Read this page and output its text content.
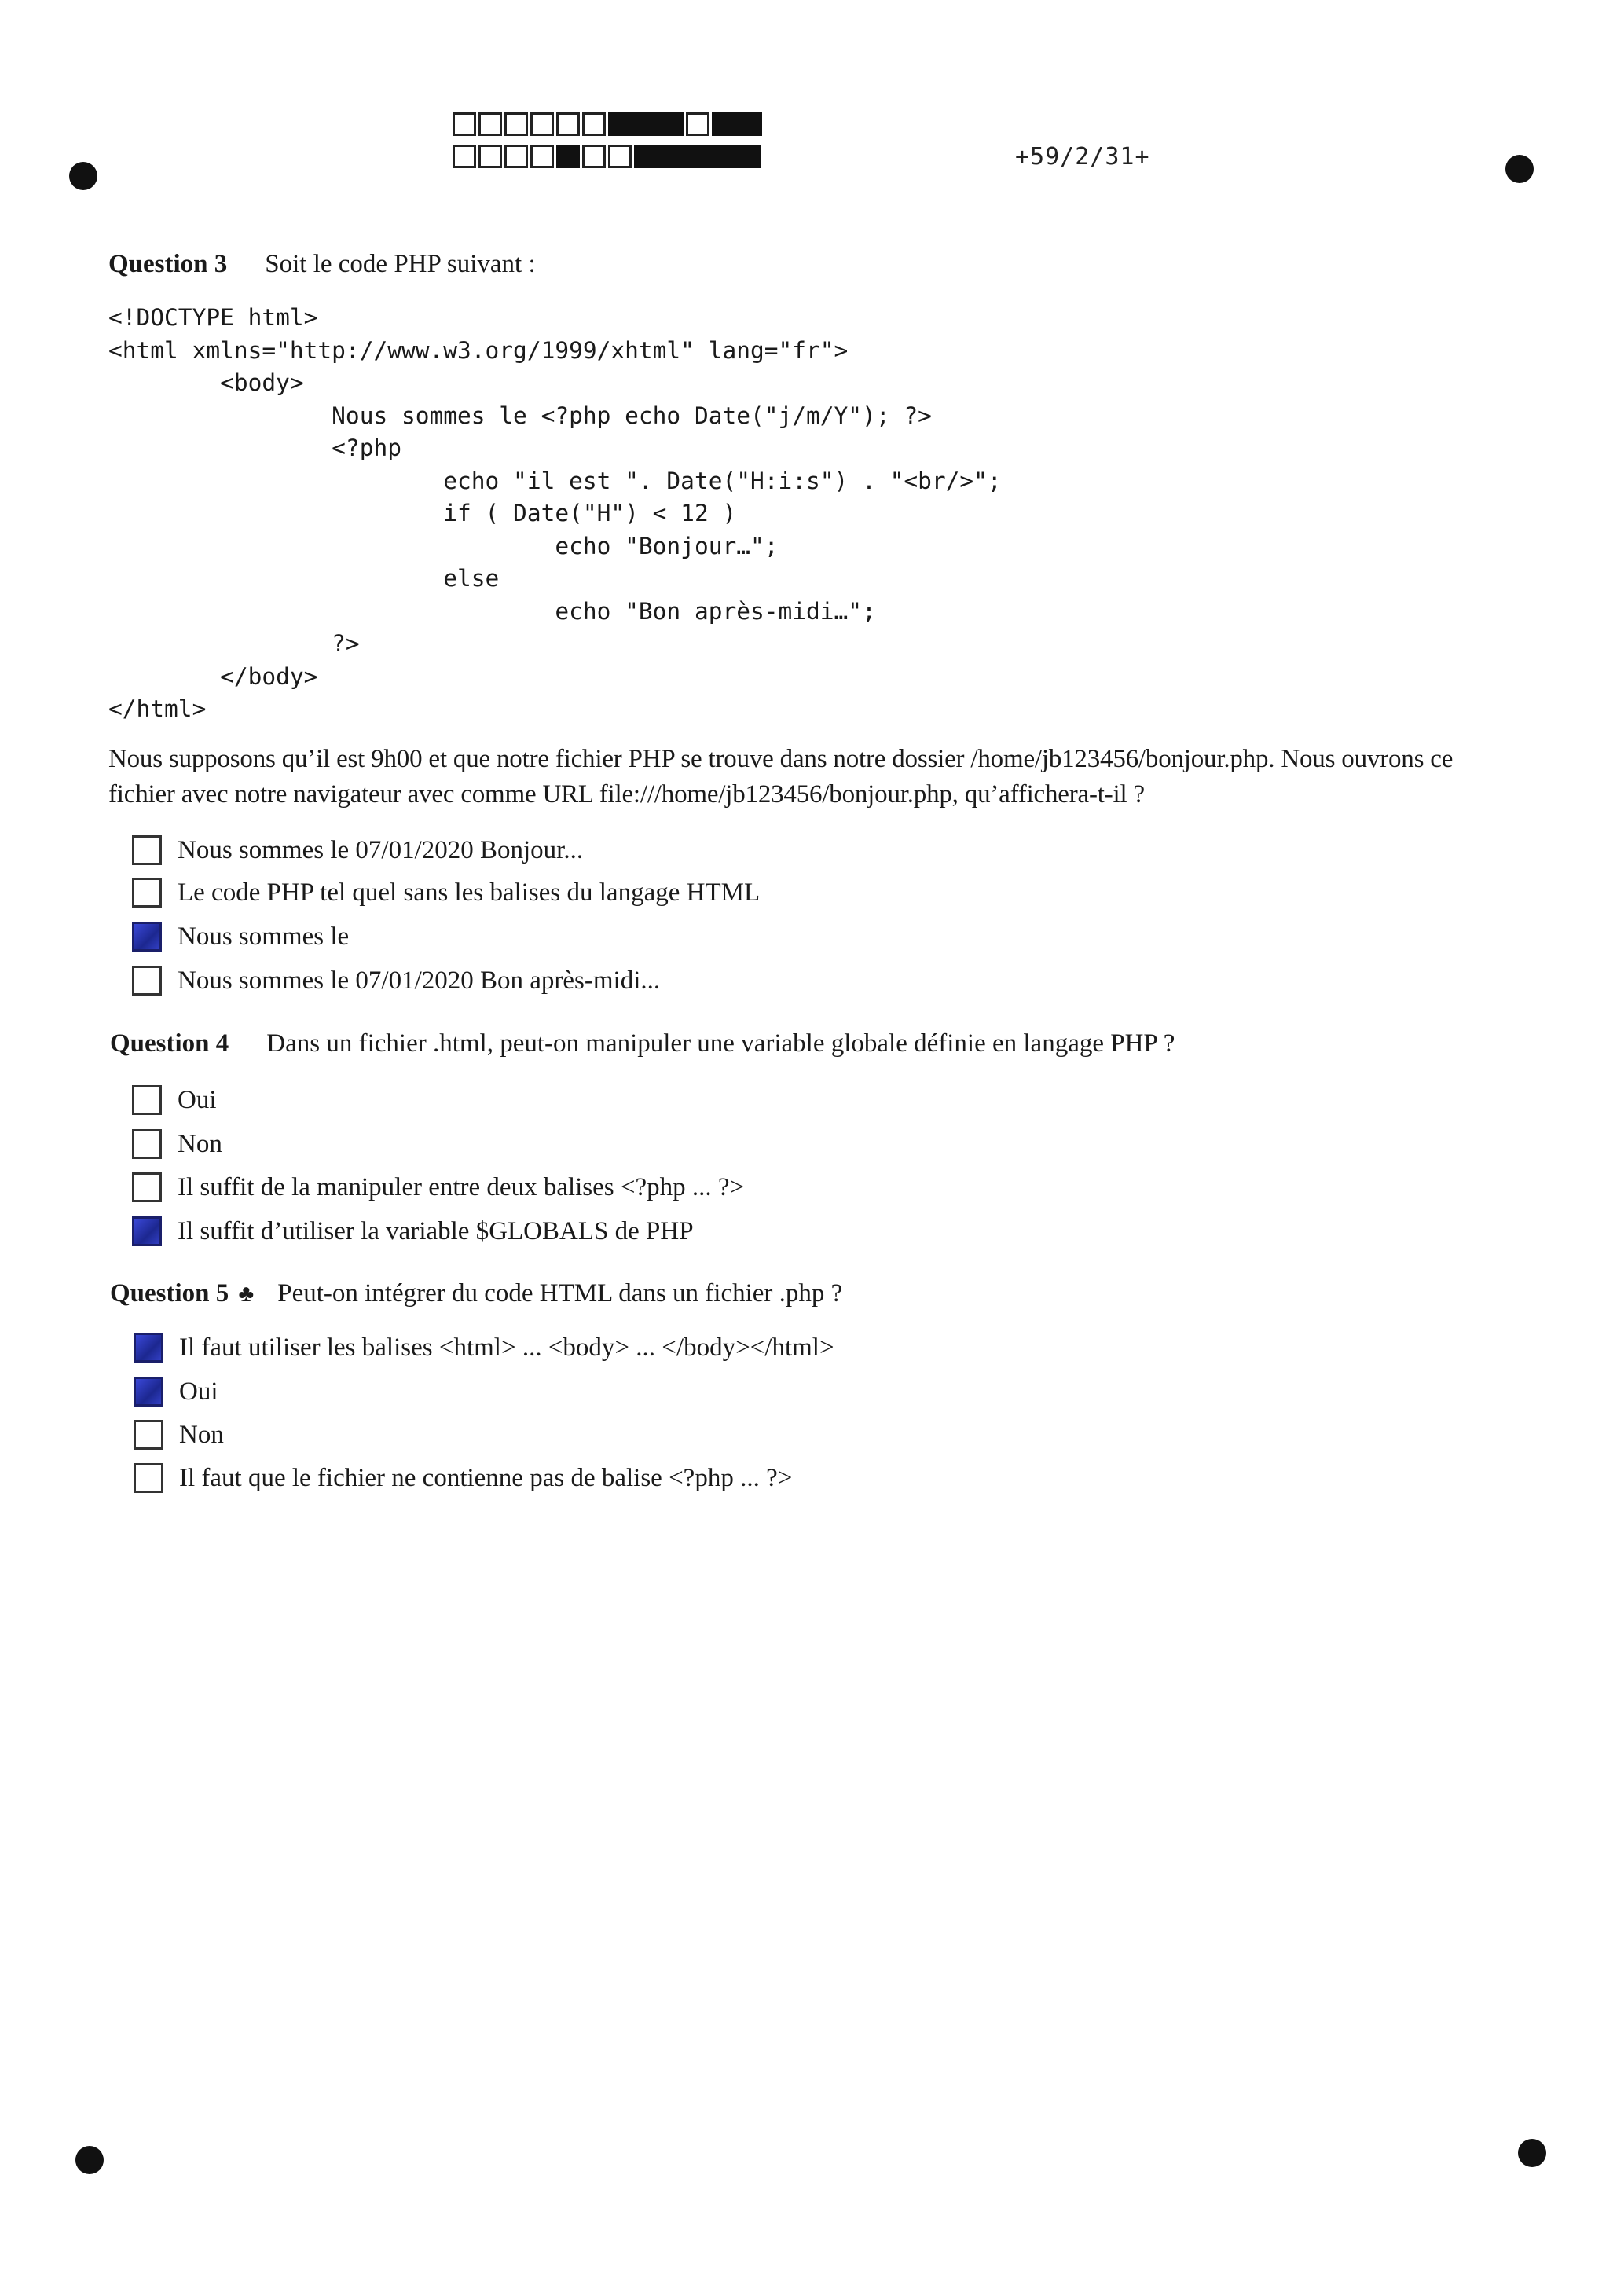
+59/2/31+
Question 3 Soit le code PHP suivant :
<!DOCTYPE html>
<html xmlns="http://www.w3.org/1999/xhtml" lang="fr">
<body>
Nous sommes le <?php echo Date("j/m/Y"); ?>
<?php
echo "il est ". Date("H:i:s") . "<br/>";
if ( Date("H") < 12 )
echo "Bonjour…";
else
echo "Bon après-midi…";
?>
</body>
</html>
Nous supposons qu’il est 9h00 et que notre fichier PHP se trouve dans notre dossier /home/jb123456/bonjour.php. Nous ouvrons ce fichier avec notre navigateur avec comme URL file:///home/jb123456/bonjour.php, qu’affichera-t-il ?
Nous sommes le 07/01/2020 Bonjour...
Le code PHP tel quel sans les balises du langage HTML
Nous sommes le
Nous sommes le 07/01/2020 Bon après-midi...
Question 4 Dans un fichier .html, peut-on manipuler une variable globale définie en langage PHP ?
Oui
Non
Il suffit de la manipuler entre deux balises <?php ... ?>
Il suffit d’utiliser la variable $GLOBALS de PHP
Question 5 ♣ Peut-on intégrer du code HTML dans un fichier .php ?
Il faut utiliser les balises <html> ... <body> ... </body></html>
Oui
Non
Il faut que le fichier ne contienne pas de balise <?php ... ?>
